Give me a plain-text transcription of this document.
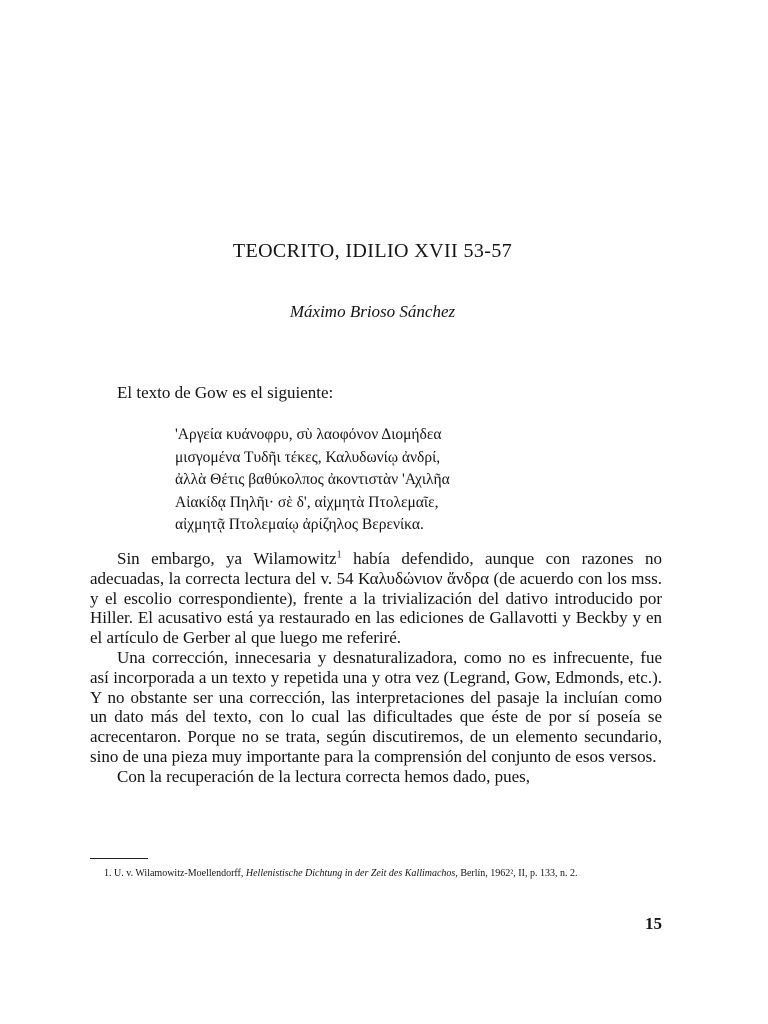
TEOCRITO, IDILIO XVII 53-57
Máximo Brioso Sánchez
El texto de Gow es el siguiente:
'Αργεία κυάνοφρυ, σὺ λαοφόνον Διομήδεα
μισγομένα Τυδῆι τέκες, Καλυδωνίῳ ἀνδρί,
ἀλλὰ Θέτις βαθύκολπος ἀκοντιστὰν 'Αχιλῆα
Αἰακίδᾳ Πηλῆι· σὲ δ', αἰχμητὰ Πτολεμαῖε,
αἰχμητᾷ Πτολεμαίῳ ἀρίζηλος Βερενίκα.

Sin embargo, ya Wilamowitz$^1$ había defendido, aunque con razones no adecuadas, la correcta lectura del v. 54 Καλυδώνιον ἄνδρα (de acuerdo con los mss. y el escolio correspondiente), frente a la trivialización del dativo introducido por Hiller. El acusativo está ya restaurado en las ediciones de Gallavotti y Beckby y en el artículo de Gerber al que luego me referiré.

Una corrección, innecesaria y desnaturalizadora, como no es infrecuente, fue así incorporada a un texto y repetida una y otra vez (Legrand, Gow, Edmonds, etc.). Y no obstante ser una corrección, las interpretaciones del pasaje la incluían como un dato más del texto, con lo cual las dificultades que éste de por sí poseía se acrecentaron. Porque no se trata, según discutiremos, de un elemento secundario, sino de una pieza muy importante para la comprensión del conjunto de esos versos.

Con la recuperación de la lectura correcta hemos dado, pues,

1. U. v. Wilamowitz-Moellendorff, Hellenistische Dichtung in der Zeit des Kallimachos, Berlín, 1962², II, p. 133, n. 2.
15
